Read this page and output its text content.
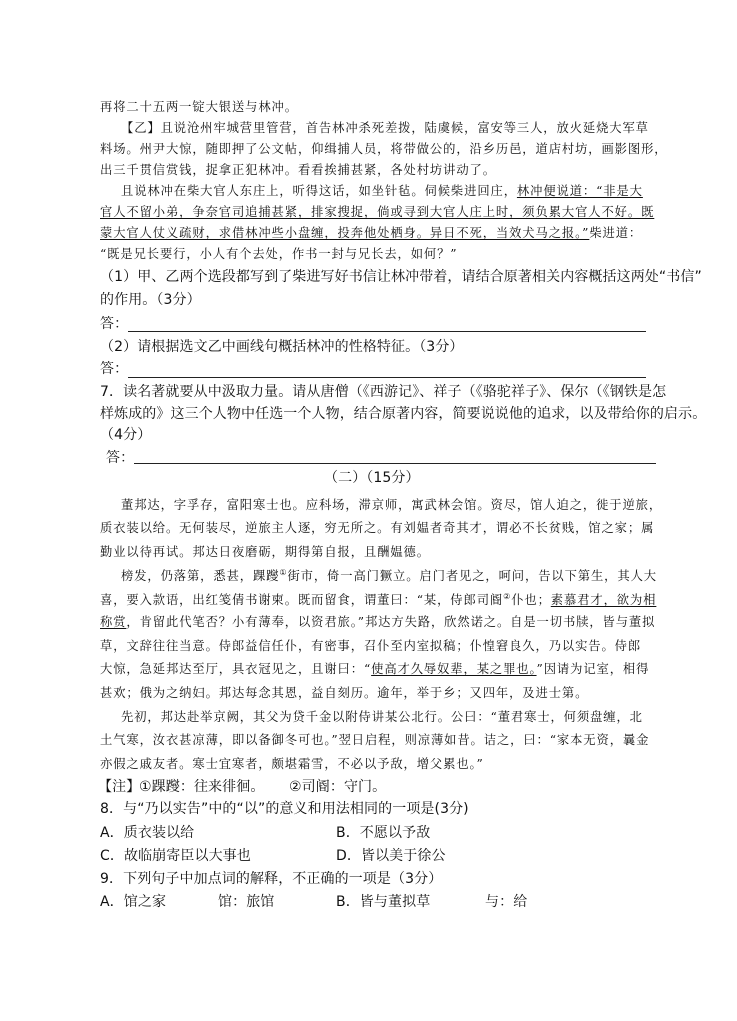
再将二十五两一锭大银送与林冲。
【乙】且说沧州牢城营里管营，首告林冲杀死差拨，陆虞候，富安等三人，放火延烧大军草
料场。州尹大惊，随即押了公文帖，仰缉捕人员，将带做公的，沿乡历邑，道店村坊，画影图形，
出三千贯信赏钱，捉拿正犯林冲。看看挨捕甚紧，各处村坊讲动了。
且说林冲在柴大官人东庄上，听得这话，如坐针毡。伺候柴进回庄，林冲便说道：“非是大
官人不留小弟，争奈官司追捕甚紧，排家搜捉，倘或寻到大官人庄上时，须负累大官人不好。既
蒙大官人仗义疏财，求借林冲些小盘缠，投奔他处栖身。异日不死，当效犬马之报。”柴进道：
“既是兄长要行，小人有个去处，作书一封与兄长去，如何？”
（1）甲、乙两个选段都写到了柴进写好书信让林冲带着，请结合原著相关内容概括这两处“书信”
的作用。（3分）
答：
（2）请根据选文乙中画线句概括林冲的性格特征。（3分）
答：
7．读名著就要从中汲取力量。请从唐僧（《西游记》、祥子（《骆驼祥子》、保尔（《钢铁是怎
样炼成的》这三个人物中任选一个人物，结合原著内容，简要说说他的追求，以及带给你的启示。
（4分）
答：
（二）（15分）
董邦达，字孚存，富阳寒士也。应科场，滞京师，寓武林会馆。资尽，馆人迫之，徙于逆旅，
质衣装以给。无何装尽，逆旅主人逐，穷无所之。有刘媪者奇其才，谓必不长贫贱，馆之家；属
勤业以待再试。邦达日夜磨砺，期得第自报，且酬媪德。
榜发，仍落第，悉甚，踝躞①街市，倚一高门獗立。启门者见之，呵问，告以下第生，其人大
喜，要入款语，出红笺倩书谢柬。既而留食，谓董曰：“某，侍郎司阍②仆也；素慕君才，欲为相
称赏，肯留此代笔否？小有薄奉，以资君旅。”邦达方失路，欣然诺之。自是一切书牍，皆与董拟
草，文辞往往当意。侍郎益信任仆，有密事，召仆至内室拟稿；仆惶窘良久，乃以实告。侍郎
大惊，急延邦达至厅，具衣冠见之，且谢曰：“使高才久辱奴辈，某之罪也。”因请为记室，相得
甚欢；俄为之纳妇。邦达每念其恩，益自刻历。逾年，举于乡；又四年，及进士第。
先初，邦达赴举京阙，其父为贷千金以附侍讲某公北行。公曰：“董君寒士，何须盘缠，北
土气寒，汝衣甚凉薄，即以备御冬可也。”翌日启程，则凉薄如昔。诘之，曰：“家本无资，曩金
亦假之戚友者。寒士宜寒者，颇堪霜雪，不必以予敌，增父累也。”
【注】
①踝躞：往来徘徊。 ②司阍：守门。
8．与“乃以实告”中的“以”的意义和用法相同的一项是(3分)
A．质衣装以给	B．不愿以予敌
C．故临崩寄臣以大事也	D．皆以美于徐公
9．下列句子中加点词的解释，不正确的一项是（3分）
A．馆之家	馆：旅馆	B．皆与董拟草	与：给
